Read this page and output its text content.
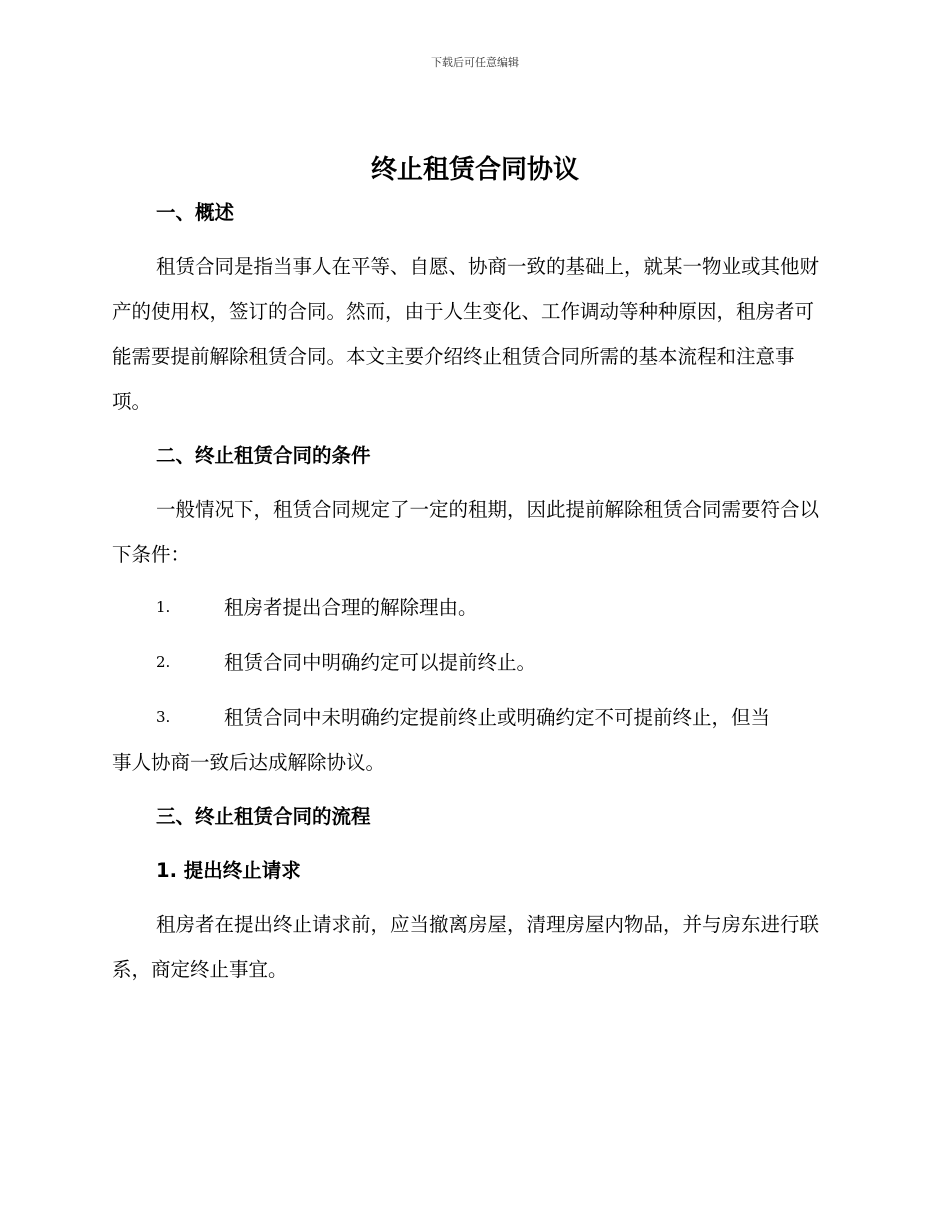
下载后可任意编辑
终止租赁合同协议
一、概述

租赁合同是指当事人在平等、自愿、协商一致的基础上，就某一物业或其他财产的使用权，签订的合同。然而，由于人生变化、工作调动等种种原因，租房者可能需要提前解除租赁合同。本文主要介绍终止租赁合同所需的基本流程和注意事项。

二、终止租赁合同的条件

一般情况下，租赁合同规定了一定的租期，因此提前解除租赁合同需要符合以下条件：

1.	租房者提出合理的解除理由。
2.	租赁合同中明确约定可以提前终止。
3.	租赁合同中未明确约定提前终止或明确约定不可提前终止，但当
事人协商一致后达成解除协议。
三、终止租赁合同的流程
1. 提出终止请求

租房者在提出终止请求前，应当撤离房屋，清理房屋内物品，并与房东进行联系，商定终止事宜。
